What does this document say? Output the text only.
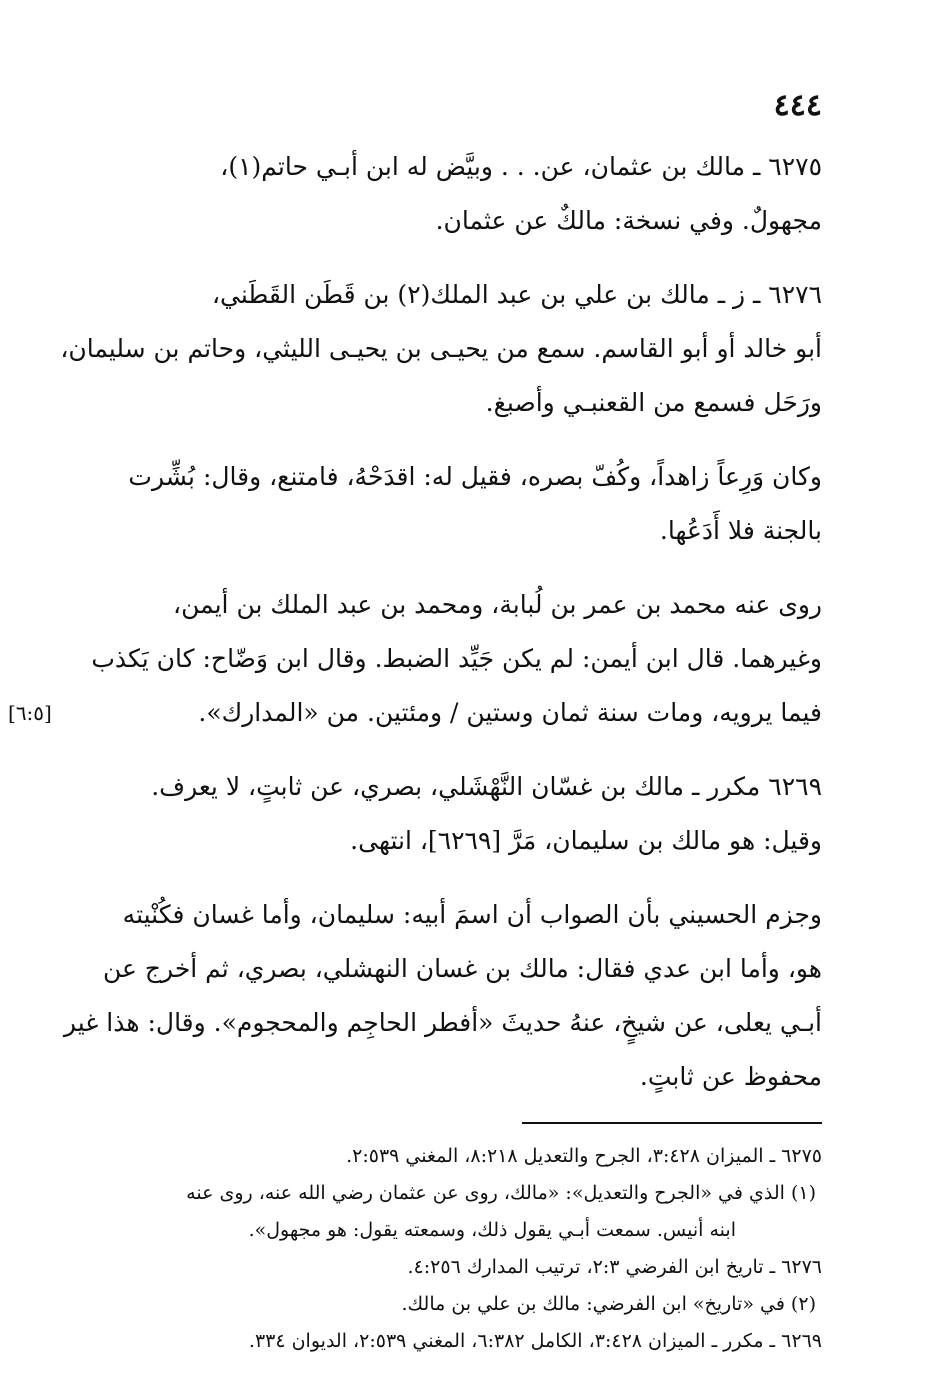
٤٤٤
٦٢٧٥ ـ مالك بن عثمان، عن. . . وبيَّض له ابن أبـي حاتم(١)،
مجهولٌ. وفي نسخة: مالكٌ عن عثمان.
٦٢٧٦ ـ ز ـ مالك بن علي بن عبد الملك(٢) بن قَطَن القَطَني،
أبو خالد أو أبو القاسم. سمع من يحيـى بن يحيـى الليثي، وحاتم بن سليمان،
ورَحَل فسمع من القعنبـي وأصبغ.
وكان وَرِعاً زاهداً، وكُفّ بصره، فقيل له: اقدَحْهُ، فامتنع، وقال: بُشِّرت
بالجنة فلا أَدَعُها.
روى عنه محمد بن عمر بن لُبابة، ومحمد بن عبد الملك بن أيمن،
وغيرهما. قال ابن أيمن: لم يكن جَيِّد الضبط. وقال ابن وَضّاح: كان يَكذب
فيما يرويه، ومات سنة ثمان وستين / ومئتين. من «المدارك».
[٦:٥]
٦٢٦٩ مكرر ـ مالك بن غسّان النَّهْشَلي، بصري، عن ثابتٍ، لا يعرف.
وقيل: هو مالك بن سليمان، مَرَّ [٦٢٦٩]، انتهى.
وجزم الحسيني بأن الصواب أن اسمَ أبيه: سليمان، وأما غسان فكُنْيته
هو، وأما ابن عدي فقال: مالك بن غسان النهشلي، بصري، ثم أخرج عن
أبـي يعلى، عن شيخٍ، عنهُ حديثَ «أفطر الحاجِم والمحجوم». وقال: هذا غير
محفوظ عن ثابتٍ.
٦٢٧٥ ـ الميزان ٣:٤٢٨، الجرح والتعديل ٨:٢١٨، المغني ٢:٥٣٩.
(١) الذي في «الجرح والتعديل»: «مالك، روى عن عثمان رضي الله عنه، روى عنه
ابنه أنيس. سمعت أبـي يقول ذلك، وسمعته يقول: هو مجهول».
٦٢٧٦ ـ تاريخ ابن الفرضي ٢:٣، ترتيب المدارك ٤:٢٥٦.
(٢) في «تاريخ» ابن الفرضي: مالك بن علي بن مالك.
٦٢٦٩ ـ مكرر ـ الميزان ٣:٤٢٨، الكامل ٦:٣٨٢، المغني ٢:٥٣٩، الديوان ٣٣٤.
